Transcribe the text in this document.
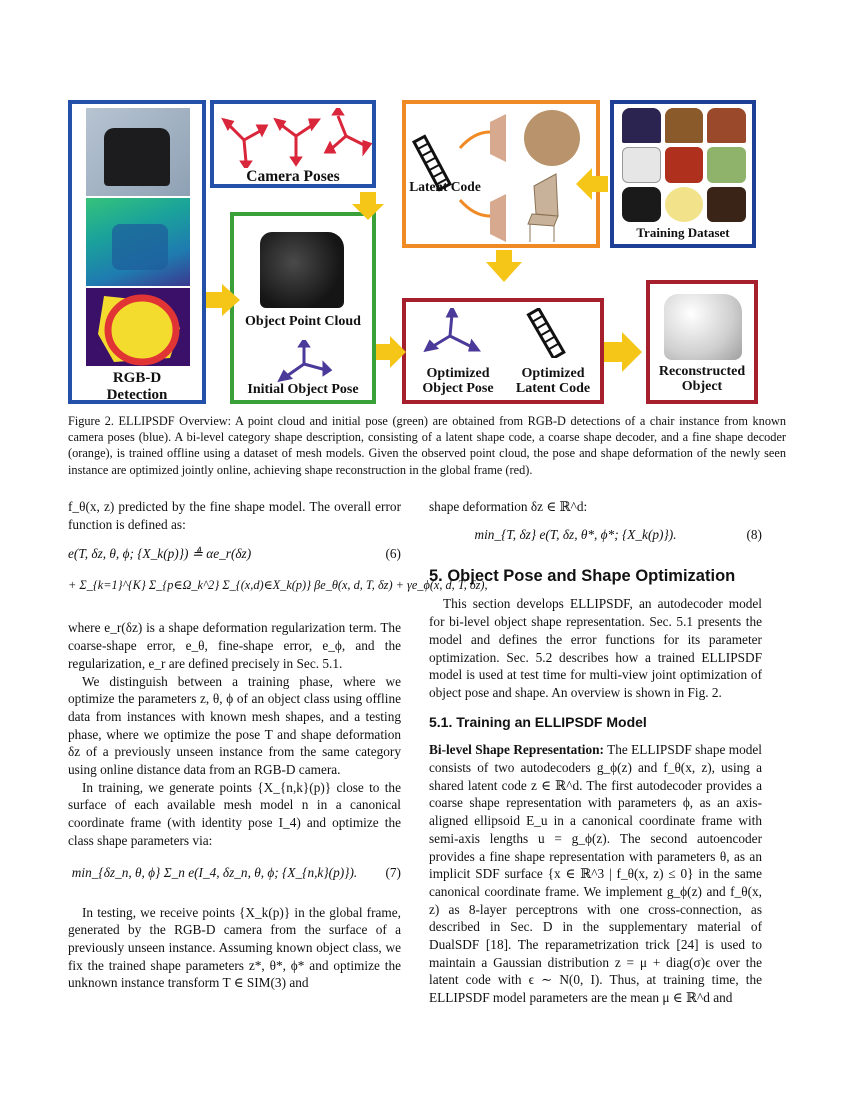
RGB-D
Detection
Camera Poses
Object Point Cloud
Initial Object Pose
Latent Code
Training Dataset
Optimized
Object Pose
Optimized
Latent Code
Reconstructed
Object

Figure 2. ELLIPSDF Overview: A point cloud and initial pose (green) are obtained from RGB-D detections of a chair instance from known camera poses (blue). A bi-level category shape description, consisting of a latent shape code, a coarse shape decoder, and a fine shape decoder (orange), is trained offline using a dataset of mesh models. Given the observed point cloud, the pose and shape deformation of the newly seen instance are optimized jointly online, achieving shape reconstruction in the global frame (red).

f_θ(x, z) predicted by the fine shape model. The overall error function is defined as:

e(T, δz, θ, ϕ; {X_k(p)}) ≜ αe_r(δz)	(6)
+ Σ_{k=1}^{K} Σ_{p∈Ω_k^2} Σ_{(x,d)∈X_k(p)} βe_θ(x, d, T, δz) + γe_ϕ(x, d, T, δz),

where e_r(δz) is a shape deformation regularization term. The coarse-shape error, e_θ, fine-shape error, e_ϕ, and the regularization, e_r are defined precisely in Sec. 5.1.

We distinguish between a training phase, where we optimize the parameters z, θ, ϕ of an object class using offline data from instances with known mesh shapes, and a testing phase, where we optimize the pose T and shape deformation δz of a previously unseen instance from the same category using online distance data from an RGB-D camera.

In training, we generate points {X_{n,k}(p)} close to the surface of each available mesh model n in a canonical coordinate frame (with identity pose I_4) and optimize the class shape parameters via:

min_{δz_n, θ, ϕ} Σ_n e(I_4, δz_n, θ, ϕ; {X_{n,k}(p)}). (7)

In testing, we receive points {X_k(p)} in the global frame, generated by the RGB-D camera from the surface of a previously unseen instance. Assuming known object class, we fix the trained shape parameters z*, θ*, ϕ* and optimize the unknown instance transform T ∈ SIM(3) and

shape deformation δz ∈ ℝ^d:

min_{T, δz} e(T, δz, θ*, ϕ*; {X_k(p)}).	(8)

5. Object Pose and Shape Optimization

This section develops ELLIPSDF, an autodecoder model for bi-level object shape representation. Sec. 5.1 presents the model and defines the error functions for its parameter optimization. Sec. 5.2 describes how a trained ELLIPSDF model is used at test time for multi-view joint optimization of object pose and shape. An overview is shown in Fig. 2.

5.1. Training an ELLIPSDF Model

Bi-level Shape Representation: The ELLIPSDF shape model consists of two autodecoders g_ϕ(z) and f_θ(x, z), using a shared latent code z ∈ ℝ^d. The first autodecoder provides a coarse shape representation with parameters ϕ, as an axis-aligned ellipsoid E_u in a canonical coordinate frame with semi-axis lengths u = g_ϕ(z). The second autoencoder provides a fine shape representation with parameters θ, as an implicit SDF surface {x ∈ ℝ^3 | f_θ(x, z) ≤ 0} in the same canonical coordinate frame. We implement g_ϕ(z) and f_θ(x, z) as 8-layer perceptrons with one cross-connection, as described in Sec. D in the supplementary material of DualSDF [18]. The reparametrization trick [24] is used to maintain a Gaussian distribution z = μ + diag(σ)ϵ over the latent code with ϵ ∼ N(0, I). Thus, at training time, the ELLIPSDF model parameters are the mean μ ∈ ℝ^d and
